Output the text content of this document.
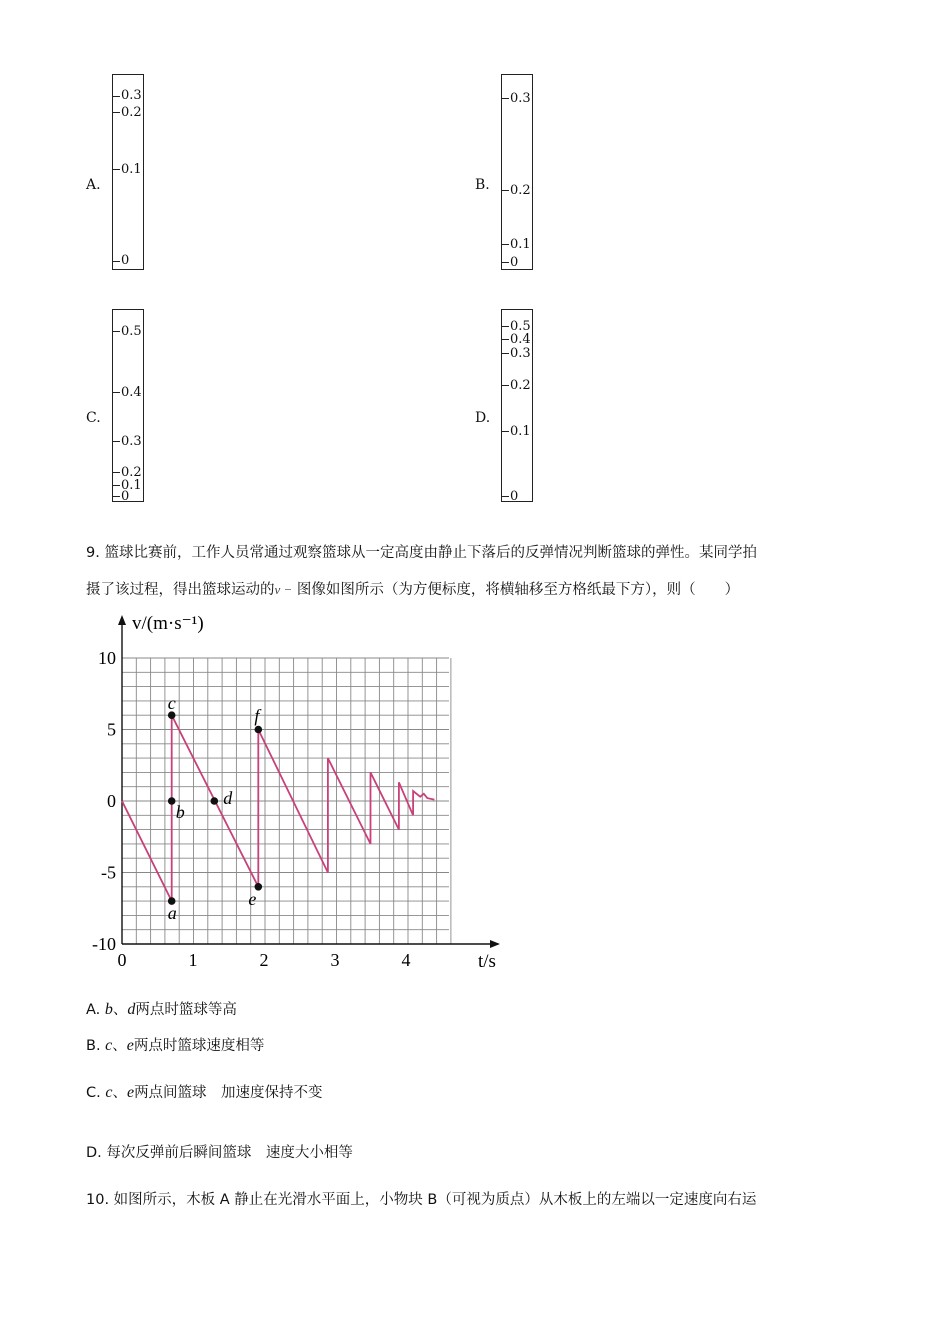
A.
0.3
0.2
0.1
0
B.
0.3
0.2
0.1
0
C.
0.5
0.4
0.3
0.2
0.1
0
D.
0.5
0.4
0.3
0.2
0.1
0
9. 篮球比赛前，工作人员常通过观察篮球从一定高度由静止下落后的反弹情况判断篮球的弹性。某同学拍
摄了该过程，得出篮球运动的v − 图像如图所示（为方便标度，将横轴移至方格纸最下方），则（　　）
10
5
0
-5
-10
0	1	2	3	4
a
b
c
d
e
f
v/(m·s⁻¹)
t/s
A. b、d两点时篮球等高
B. c、e两点时篮球速度相等
C. c、e两点间篮球　加速度保持不变
D. 每次反弹前后瞬间篮球　速度大小相等
10. 如图所示，木板 A 静止在光滑水平面上，小物块 B（可视为质点）从木板上的左端以一定速度向右运
